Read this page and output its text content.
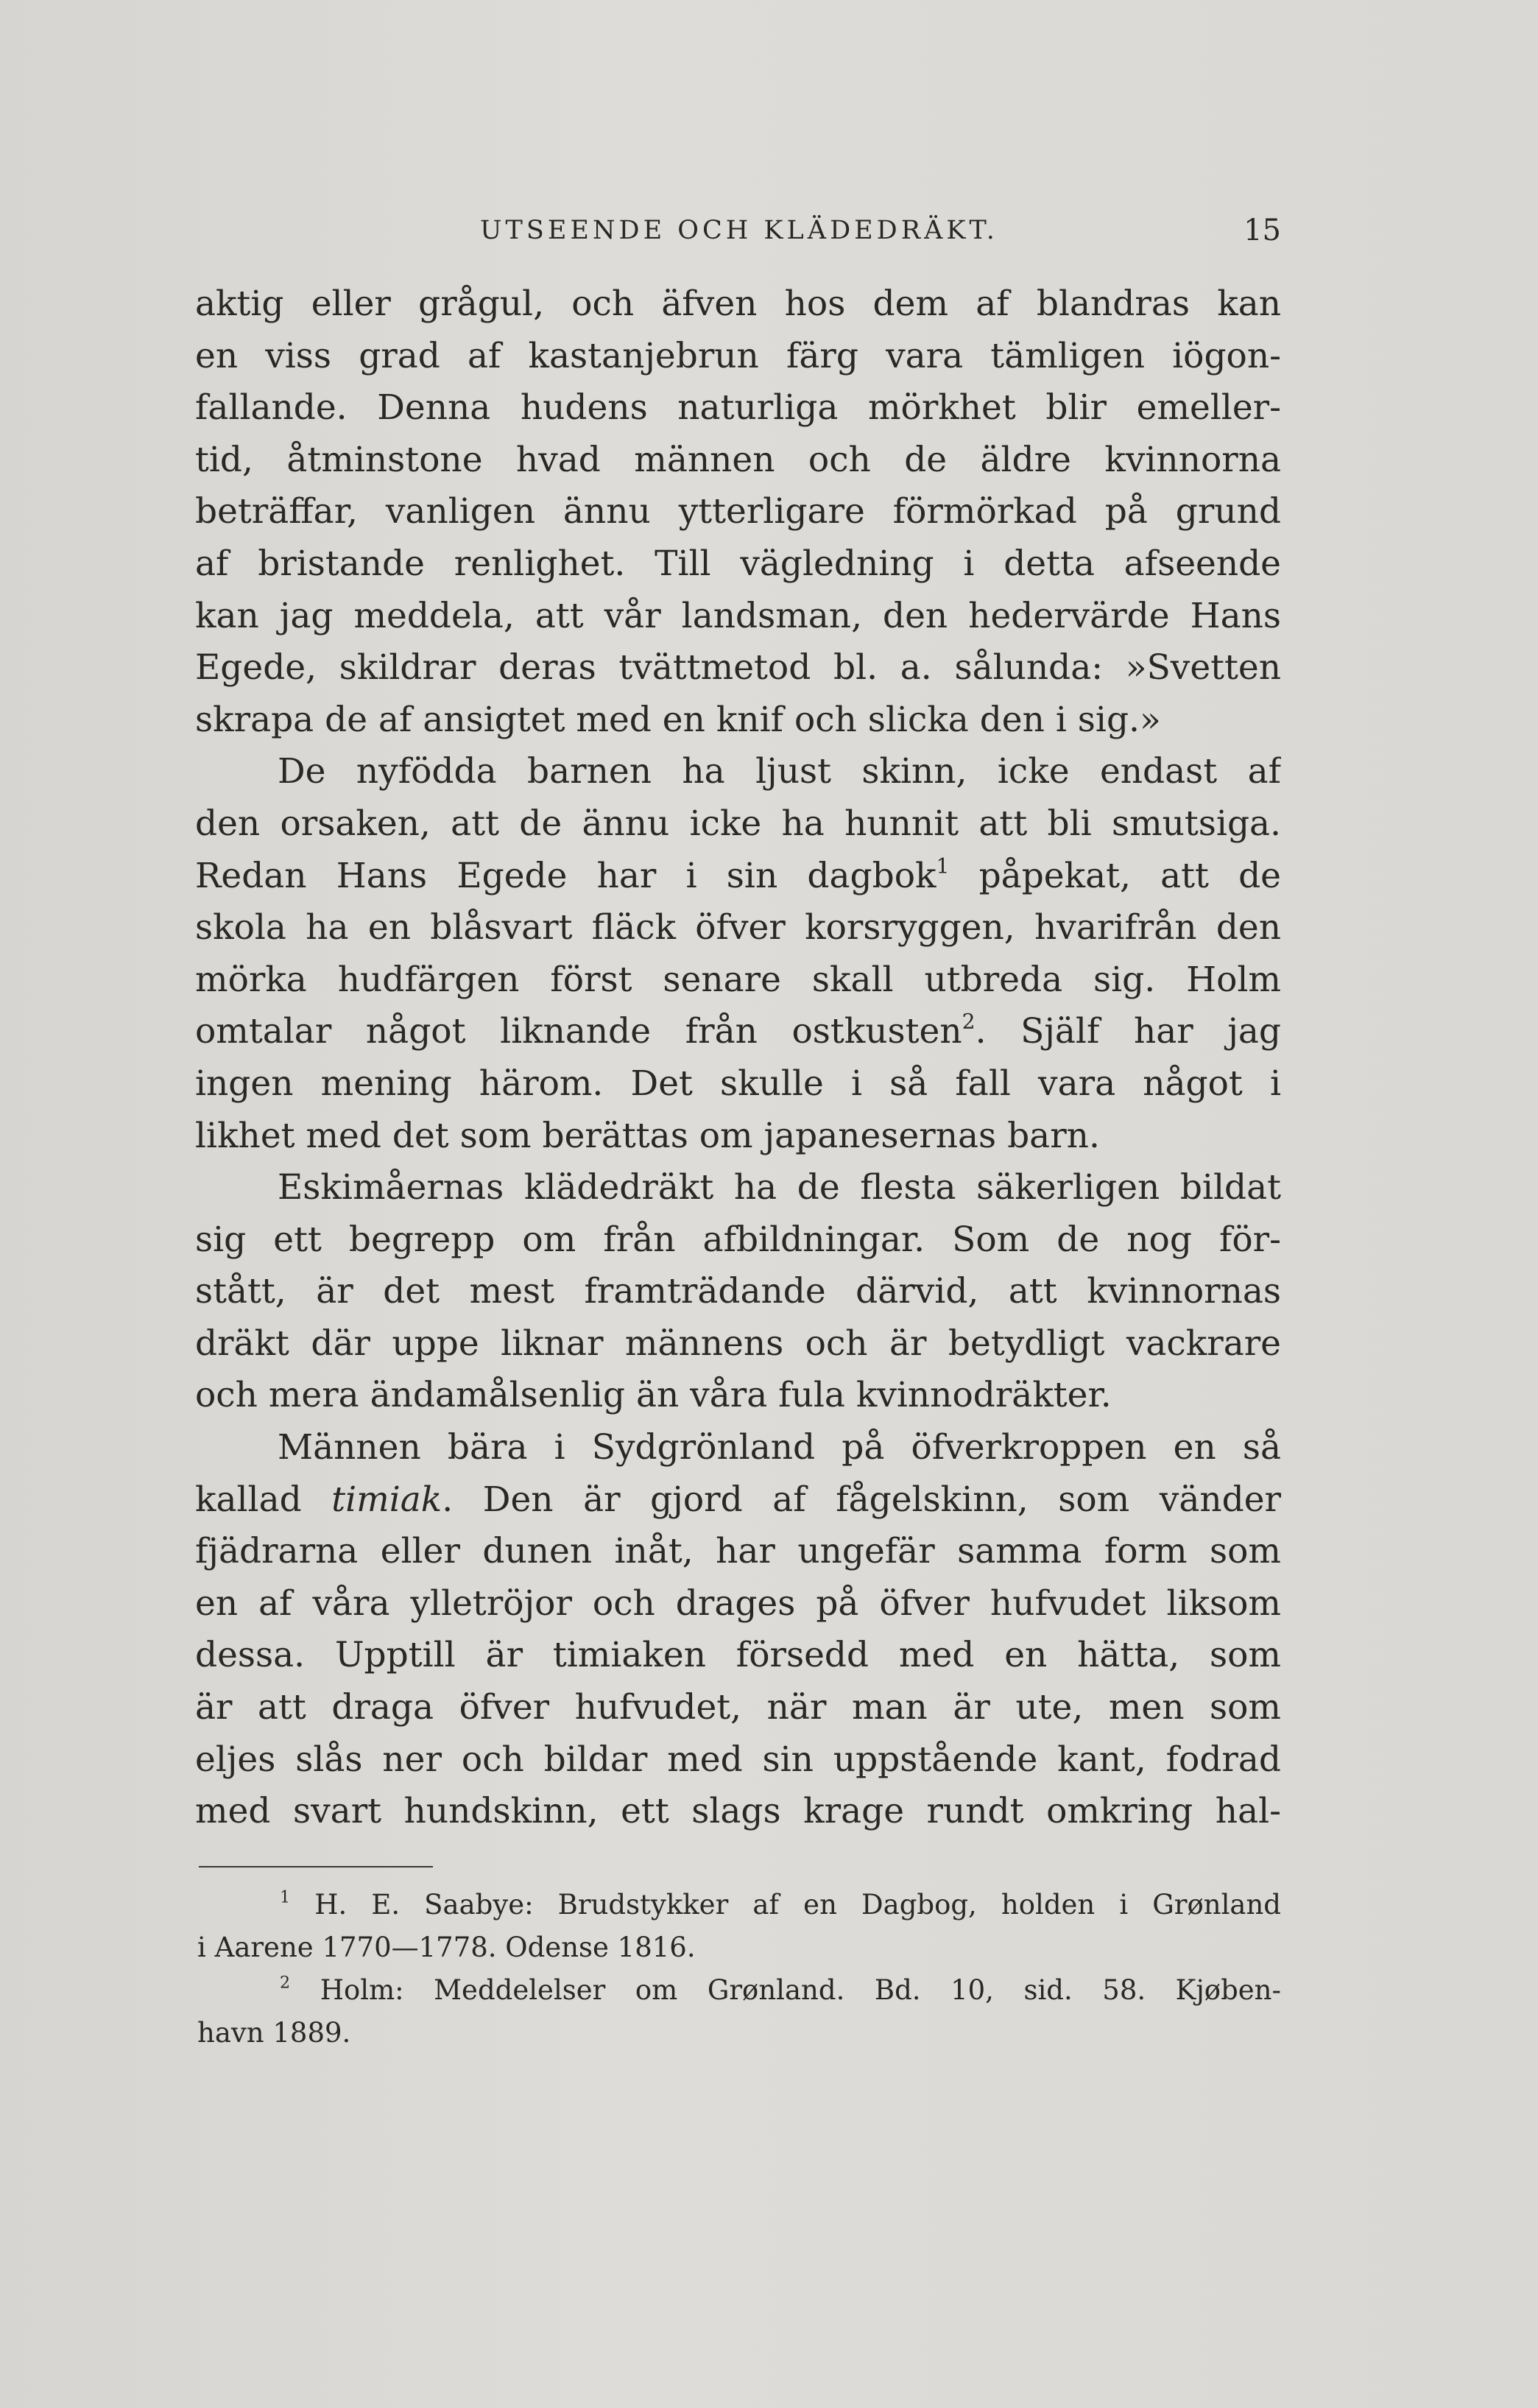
UTSEENDE OCH KLÄDEDRÄKT.	15
aktig eller grågul, och äfven hos dem af blandras kan
en viss grad af kastanjebrun färg vara tämligen iögon-
fallande. Denna hudens naturliga mörkhet blir emeller-
tid, åtminstone hvad männen och de äldre kvinnorna
beträffar, vanligen ännu ytterligare förmörkad på grund
af bristande renlighet. Till vägledning i detta afseende
kan jag meddela, att vår landsman, den hedervärde Hans
Egede, skildrar deras tvättmetod bl. a. sålunda: »Svetten
skrapa de af ansigtet med en knif och slicka den i sig.»
De nyfödda barnen ha ljust skinn, icke endast af
den orsaken, att de ännu icke ha hunnit att bli smutsiga.
Redan Hans Egede har i sin dagbok$^1$ påpekat, att de
skola ha en blåsvart fläck öfver korsryggen, hvarifrån den
mörka hudfärgen först senare skall utbreda sig. Holm
omtalar något liknande från ostkusten$^2$. Själf har jag
ingen mening härom. Det skulle i så fall vara något i
likhet med det som berättas om japanesernas barn.
Eskimåernas klädedräkt ha de flesta säkerligen bildat
sig ett begrepp om från afbildningar. Som de nog för-
stått, är det mest framträdande därvid, att kvinnornas
dräkt där uppe liknar männens och är betydligt vackrare
och mera ändamålsenlig än våra fula kvinnodräkter.
Männen bära i Sydgrönland på öfverkroppen en så
kallad timiak. Den är gjord af fågelskinn, som vänder
fjädrarna eller dunen inåt, har ungefär samma form som
en af våra ylletröjor och drages på öfver hufvudet liksom
dessa. Upptill är timiaken försedd med en hätta, som
är att draga öfver hufvudet, när man är ute, men som
eljes slås ner och bildar med sin uppstående kant, fodrad
med svart hundskinn, ett slags krage rundt omkring hal-
$^1$ H. E. Saabye: Brudstykker af en Dagbog, holden i Grønland
i Aarene 1770—1778. Odense 1816.
$^2$ Holm: Meddelelser om Grønland. Bd. 10, sid. 58. Kjøben-
havn 1889.
